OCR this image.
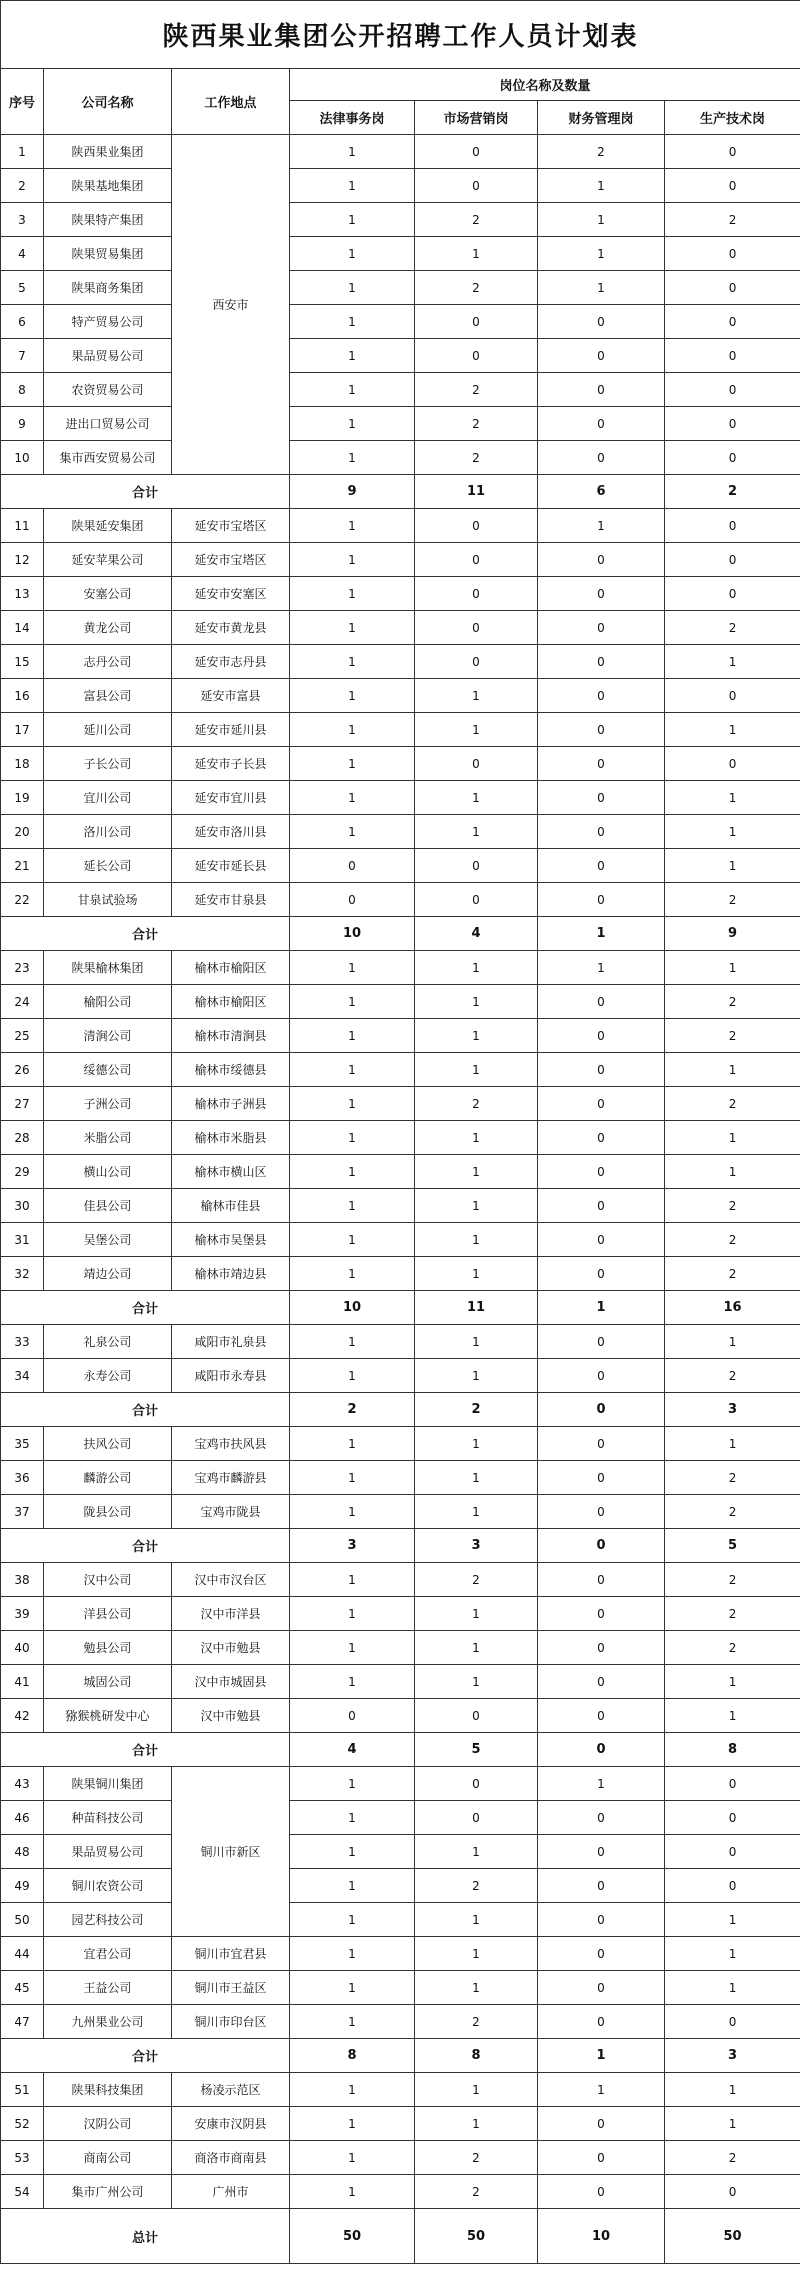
陕西果业集团公开招聘工作人员计划表						
序号	公司名称	工作地点	岗位名称及数量			
			法律事务岗	市场营销岗	财务管理岗	生产技术岗
1	陕西果业集团	西安市	1	0	2	0
2	陕果基地集团		1	0	1	0
3	陕果特产集团		1	2	1	2
4	陕果贸易集团		1	1	1	0
5	陕果商务集团		1	2	1	0
6	特产贸易公司		1	0	0	0
7	果品贸易公司		1	0	0	0
8	农资贸易公司		1	2	0	0
9	进出口贸易公司		1	2	0	0
10	集市西安贸易公司		1	2	0	0
合计			9	11	6	2
11	陕果延安集团	延安市宝塔区	1	0	1	0
12	延安苹果公司	延安市宝塔区	1	0	0	0
13	安塞公司	延安市安塞区	1	0	0	0
14	黄龙公司	延安市黄龙县	1	0	0	2
15	志丹公司	延安市志丹县	1	0	0	1
16	富县公司	延安市富县	1	1	0	0
17	延川公司	延安市延川县	1	1	0	1
18	子长公司	延安市子长县	1	0	0	0
19	宜川公司	延安市宜川县	1	1	0	1
20	洛川公司	延安市洛川县	1	1	0	1
21	延长公司	延安市延长县	0	0	0	1
22	甘泉试验场	延安市甘泉县	0	0	0	2
合计			10	4	1	9
23	陕果榆林集团	榆林市榆阳区	1	1	1	1
24	榆阳公司	榆林市榆阳区	1	1	0	2
25	清涧公司	榆林市清涧县	1	1	0	2
26	绥德公司	榆林市绥德县	1	1	0	1
27	子洲公司	榆林市子洲县	1	2	0	2
28	米脂公司	榆林市米脂县	1	1	0	1
29	横山公司	榆林市横山区	1	1	0	1
30	佳县公司	榆林市佳县	1	1	0	2
31	吴堡公司	榆林市吴堡县	1	1	0	2
32	靖边公司	榆林市靖边县	1	1	0	2
合计			10	11	1	16
33	礼泉公司	咸阳市礼泉县	1	1	0	1
34	永寿公司	咸阳市永寿县	1	1	0	2
合计			2	2	0	3
35	扶风公司	宝鸡市扶风县	1	1	0	1
36	麟游公司	宝鸡市麟游县	1	1	0	2
37	陇县公司	宝鸡市陇县	1	1	0	2
合计			3	3	0	5
38	汉中公司	汉中市汉台区	1	2	0	2
39	洋县公司	汉中市洋县	1	1	0	2
40	勉县公司	汉中市勉县	1	1	0	2
41	城固公司	汉中市城固县	1	1	0	1
42	猕猴桃研发中心	汉中市勉县	0	0	0	1
合计			4	5	0	8
43	陕果铜川集团	铜川市新区	1	0	1	0
46	种苗科技公司		1	0	0	0
48	果品贸易公司		1	1	0	0
49	铜川农资公司		1	2	0	0
50	园艺科技公司		1	1	0	1
44	宜君公司	铜川市宜君县	1	1	0	1
45	王益公司	铜川市王益区	1	1	0	1
47	九州果业公司	铜川市印台区	1	2	0	0
合计			8	8	1	3
51	陕果科技集团	杨凌示范区	1	1	1	1
52	汉阴公司	安康市汉阴县	1	1	0	1
53	商南公司	商洛市商南县	1	2	0	2
54	集市广州公司	广州市	1	2	0	0
总计			50	50	10	50
